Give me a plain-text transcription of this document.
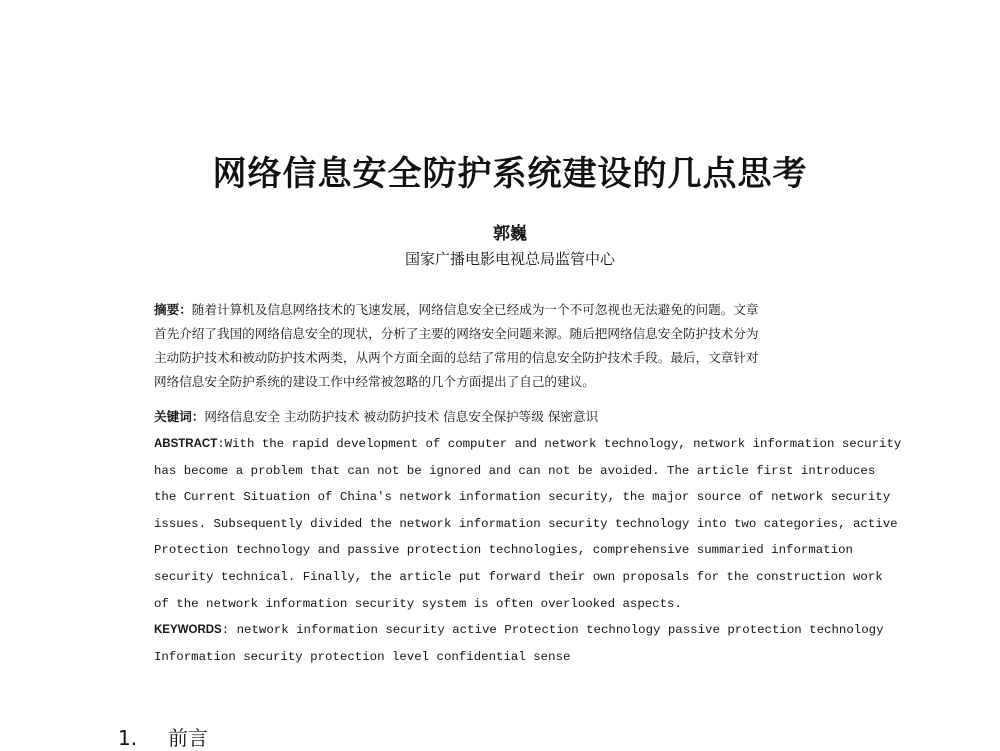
网络信息安全防护系统建设的几点思考
郭巍
国家广播电影电视总局监管中心
摘要：随着计算机及信息网络技术的飞速发展，网络信息安全已经成为一个不可忽视也无法避免的问题。文章
首先介绍了我国的网络信息安全的现状，分析了主要的网络安全问题来源。随后把网络信息安全防护技术分为
主动防护技术和被动防护技术两类，从两个方面全面的总结了常用的信息安全防护技术手段。最后，文章针对
网络信息安全防护系统的建设工作中经常被忽略的几个方面提出了自己的建议。
关键词：网络信息安全 主动防护技术 被动防护技术 信息安全保护等级 保密意识
ABSTRACT:With the rapid development of computer and network technology, network information security
has become a problem that can not be ignored and can not be avoided. The article first introduces
the Current Situation of China's network information security, the major source of network security
issues. Subsequently divided the network information security technology into two categories, active
Protection technology and passive protection technologies, comprehensive summaried information
security technical. Finally, the article put forward their own proposals for the construction work
of the network information security system is often overlooked aspects.
KEYWORDS: network information security active Protection technology passive protection technology
Information security protection level confidential sense
1. 前言
